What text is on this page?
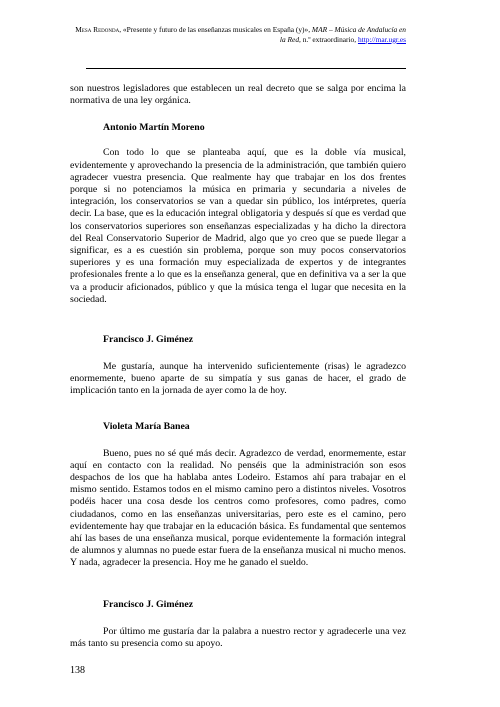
Mesa Redonda, «Presente y futuro de las enseñanzas musicales en España (y)», MAR – Música de Andalucía en la Red, n.º extraordinario, http://mar.ugr.es

son nuestros legisladores que establecen un real decreto que se salga por encima la normativa de una ley orgánica.

Antonio Martín Moreno

Con todo lo que se planteaba aquí, que es la doble vía musical, evidentemente y aprovechando la presencia de la administración, que también quiero agradecer vuestra presencia. Que realmente hay que trabajar en los dos frentes porque si no potenciamos la música en primaria y secundaria a niveles de integración, los conservatorios se van a quedar sin público, los intérpretes, quería decir. La base, que es la educación integral obligatoria y después sí que es verdad que los conservatorios superiores son enseñanzas especializadas y ha dicho la directora del Real Conservatorio Superior de Madrid, algo que yo creo que se puede llegar a significar, es a es cuestión sin problema, porque son muy pocos conservatorios superiores y es una formación muy especializada de expertos y de integrantes profesionales frente a lo que es la enseñanza general, que en definitiva va a ser la que va a producir aficionados, público y que la música tenga el lugar que necesita en la sociedad.

Francisco J. Giménez

Me gustaría, aunque ha intervenido suficientemente (risas) le agradezco enormemente, bueno aparte de su simpatía y sus ganas de hacer, el grado de implicación tanto en la jornada de ayer como la de hoy.

Violeta María Banea

Bueno, pues no sé qué más decir. Agradezco de verdad, enormemente, estar aquí en contacto con la realidad. No penséis que la administración son esos despachos de los que ha hablaba antes Lodeiro. Estamos ahí para trabajar en el mismo sentido. Estamos todos en el mismo camino pero a distintos niveles. Vosotros podéis hacer una cosa desde los centros como profesores, como padres, como ciudadanos, como en las enseñanzas universitarias, pero este es el camino, pero evidentemente hay que trabajar en la educación básica. Es fundamental que sentemos ahí las bases de una enseñanza musical, porque evidentemente la formación integral de alumnos y alumnas no puede estar fuera de la enseñanza musical ni mucho menos. Y nada, agradecer la presencia. Hoy me he ganado el sueldo.

Francisco J. Giménez

Por último me gustaría dar la palabra a nuestro rector y agradecerle una vez más tanto su presencia como su apoyo.

138
